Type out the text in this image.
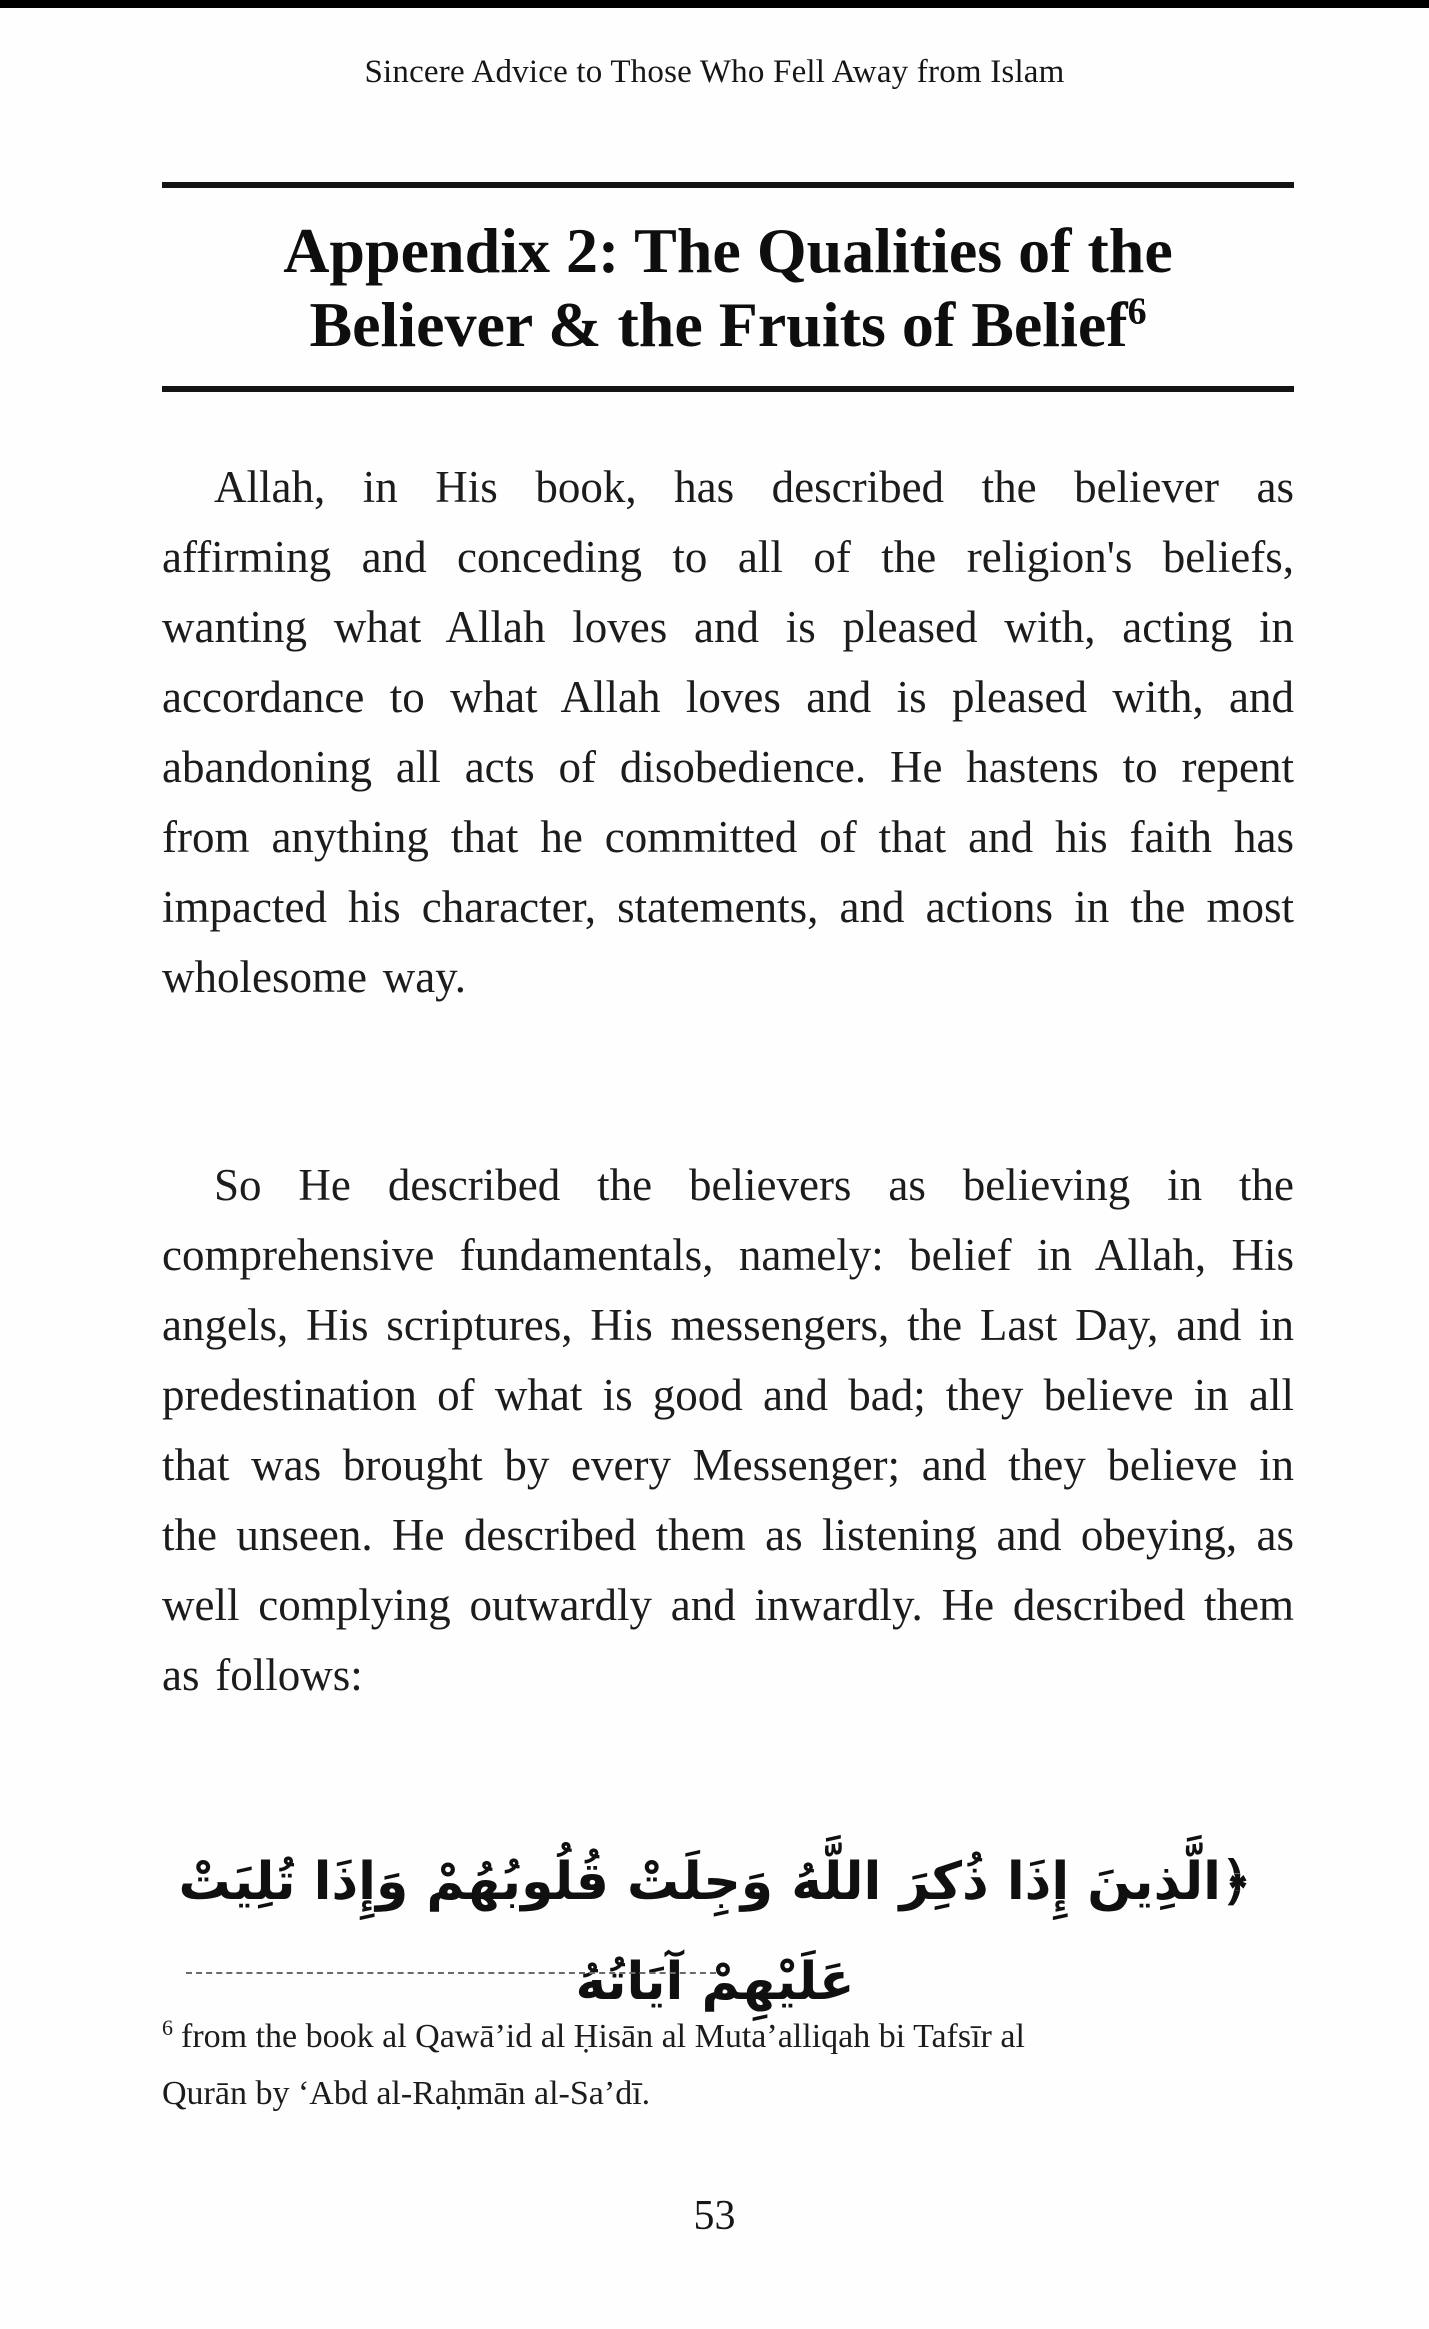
Sincere Advice to Those Who Fell Away from Islam
Appendix 2: The Qualities of the
Believer & the Fruits of Belief$^6$

Allah, in His book, has described the believer as affirming and conceding to all of the religion's beliefs, wanting what Allah loves and is pleased with, acting in accordance to what Allah loves and is pleased with, and abandoning all acts of disobedience. He hastens to repent from anything that he committed of that and his faith has impacted his character, statements, and actions in the most wholesome way.

So He described the believers as believing in the comprehensive fundamentals, namely: belief in Allah, His angels, His scriptures, His messengers, the Last Day, and in predestination of what is good and bad; they believe in all that was brought by every Messenger; and they believe in the unseen. He described them as listening and obeying, as well complying outwardly and inwardly. He described them as follows:

﴿الَّذِينَ إِذَا ذُكِرَ اللَّهُ وَجِلَتْ قُلُوبُهُمْ وَإِذَا تُلِيَتْ عَلَيْهِمْ آيَاتُهُ
$^6$ from the book al Qawā’id al Ḥisān al Muta’alliqah bi Tafsīr al
Qurān by ‘Abd al-Raḥmān al-Sa’dī.
53
